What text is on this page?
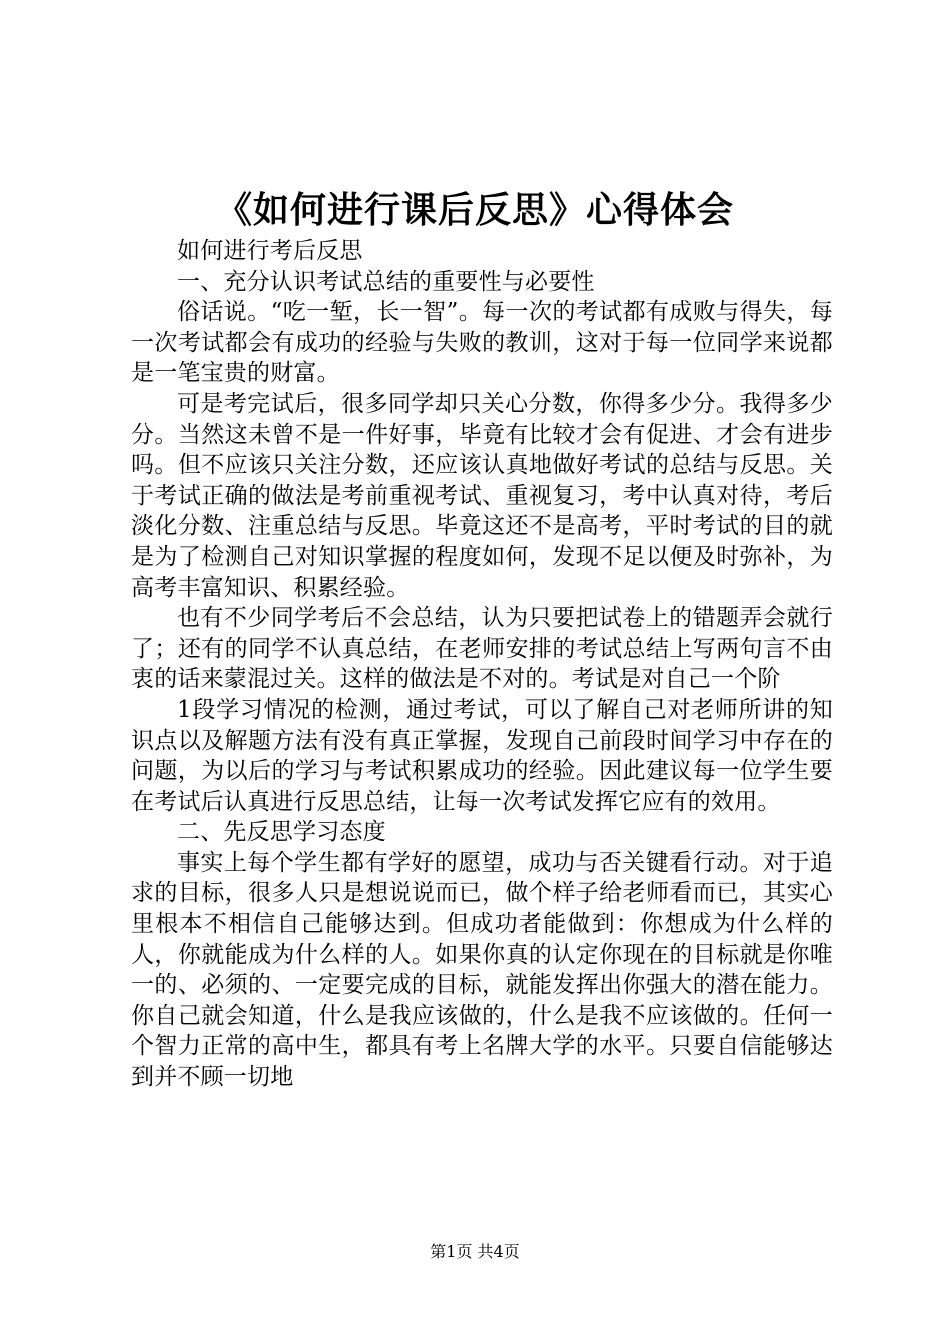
《如何进行课后反思》心得体会

如何进行考后反思

一、充分认识考试总结的重要性与必要性

俗话说。“吃一堑，长一智”。每一次的考试都有成败与得失，每一次考试都会有成功的经验与失败的教训，这对于每一位同学来说都是一笔宝贵的财富。

可是考完试后，很多同学却只关心分数，你得多少分。我得多少分。当然这未曾不是一件好事，毕竟有比较才会有促进、才会有进步吗。但不应该只关注分数，还应该认真地做好考试的总结与反思。关于考试正确的做法是考前重视考试、重视复习，考中认真对待，考后淡化分数、注重总结与反思。毕竟这还不是高考，平时考试的目的就是为了检测自己对知识掌握的程度如何，发现不足以便及时弥补，为高考丰富知识、积累经验。

也有不少同学考后不会总结，认为只要把试卷上的错题弄会就行了；还有的同学不认真总结，在老师安排的考试总结上写两句言不由衷的话来蒙混过关。这样的做法是不对的。考试是对自己一个阶

1段学习情况的检测，通过考试，可以了解自己对老师所讲的知识点以及解题方法有没有真正掌握，发现自己前段时间学习中存在的问题，为以后的学习与考试积累成功的经验。因此建议每一位学生要在考试后认真进行反思总结，让每一次考试发挥它应有的效用。

二、先反思学习态度

事实上每个学生都有学好的愿望，成功与否关键看行动。对于追求的目标，很多人只是想说说而已，做个样子给老师看而已，其实心里根本不相信自己能够达到。但成功者能做到：你想成为什么样的人，你就能成为什么样的人。如果你真的认定你现在的目标就是你唯一的、必须的、一定要完成的目标，就能发挥出你强大的潜在能力。你自己就会知道，什么是我应该做的，什么是我不应该做的。任何一个智力正常的高中生，都具有考上名牌大学的水平。只要自信能够达到并不顾一切地

第1页 共4页
